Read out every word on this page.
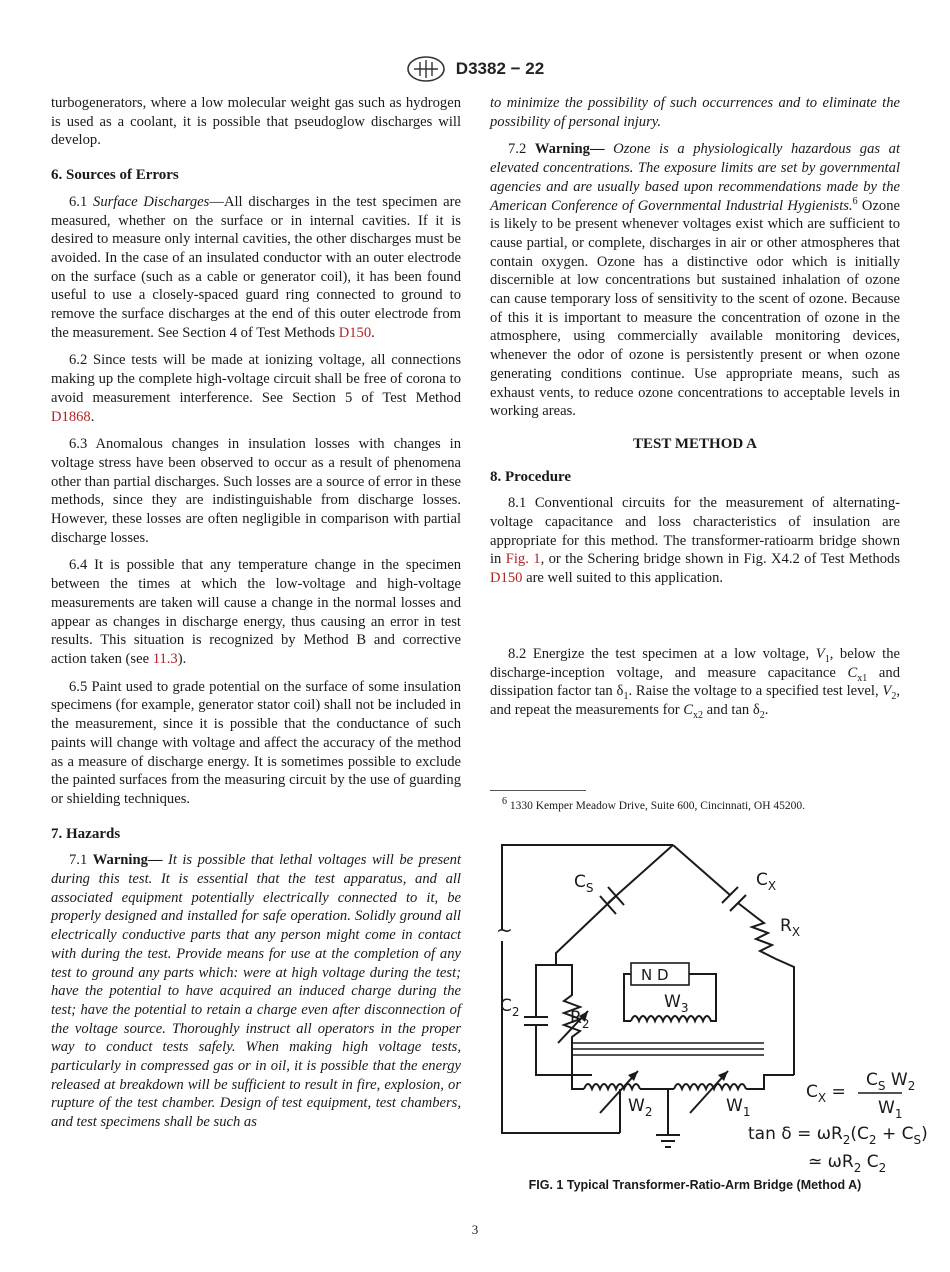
D3382 − 22

turbogenerators, where a low molecular weight gas such as hydrogen is used as a coolant, it is possible that pseudoglow discharges will develop.

6. Sources of Errors

6.1 Surface Discharges—All discharges in the test specimen are measured, whether on the surface or in internal cavities. If it is desired to measure only internal cavities, the other discharges must be avoided. In the case of an insulated conductor with an outer electrode on the surface (such as a cable or generator coil), it has been found useful to use a closely-spaced guard ring connected to ground to remove the surface discharges at the end of this outer electrode from the measurement. See Section 4 of Test Methods D150.

6.2 Since tests will be made at ionizing voltage, all connections making up the complete high-voltage circuit shall be free of corona to avoid measurement interference. See Section 5 of Test Method D1868.

6.3 Anomalous changes in insulation losses with changes in voltage stress have been observed to occur as a result of phenomena other than partial discharges. Such losses are a source of error in these methods, since they are indistinguishable from discharge losses. However, these losses are often negligible in comparison with partial discharge losses.

6.4 It is possible that any temperature change in the specimen between the times at which the low-voltage and high-voltage measurements are taken will cause a change in the normal losses and appear as changes in discharge energy, thus causing an error in test results. This situation is recognized by Method B and corrective action taken (see 11.3).

6.5 Paint used to grade potential on the surface of some insulation specimens (for example, generator stator coil) shall not be included in the measurement, since it is possible that the conductance of such paints will change with voltage and affect the accuracy of the method as a measure of discharge energy. It is sometimes possible to exclude the painted surfaces from the measuring circuit by the use of guarding or shielding techniques.

7. Hazards

7.1 Warning— It is possible that lethal voltages will be present during this test. It is essential that the test apparatus, and all associated equipment potentially electrically connected to it, be properly designed and installed for safe operation. Solidly ground all electrically conductive parts that any person might come in contact with during the test. Provide means for use at the completion of any test to ground any parts which: were at high voltage during the test; have the potential to have acquired an induced charge during the test; have the potential to retain a charge even after disconnection of the voltage source. Thoroughly instruct all operators in the proper way to conduct tests safely. When making high voltage tests, particularly in compressed gas or in oil, it is possible that the energy released at breakdown will be sufficient to result in fire, explosion, or rupture of the test chamber. Design of test equipment, test chambers, and test specimens shall be such as

to minimize the possibility of such occurrences and to eliminate the possibility of personal injury.

7.2 Warning— Ozone is a physiologically hazardous gas at elevated concentrations. The exposure limits are set by governmental agencies and are usually based upon recommendations made by the American Conference of Governmental Industrial Hygienists.$^6$ Ozone is likely to be present whenever voltages exist which are sufficient to cause partial, or complete, discharges in air or other atmospheres that contain oxygen. Ozone has a distinctive odor which is initially discernible at low concentrations but sustained inhalation of ozone can cause temporary loss of sensitivity to the scent of ozone. Because of this it is important to measure the concentration of ozone in the atmosphere, using commercially available monitoring devices, whenever the odor of ozone is persistently present or when ozone generating conditions continue. Use appropriate means, such as exhaust vents, to reduce ozone concentrations to acceptable levels in working areas.

TEST METHOD A
8. Procedure

8.1 Conventional circuits for the measurement of alternating-voltage capacitance and loss characteristics of insulation are appropriate for this method. The transformer-ratioarm bridge shown in Fig. 1, or the Schering bridge shown in Fig. X4.2 of Test Methods D150 are well suited to this application.

8.2 Energize the test specimen at a low voltage, $V_1$, below the discharge-inception voltage, and measure capacitance $C_{x1}$ and dissipation factor $\tan \delta_1$. Raise the voltage to a specified test level, $V_2$, and repeat the measurements for $C_{x2}$ and $\tan \delta_2$.

$^6$ 1330 Kemper Meadow Drive, Suite 600, Cincinnati, OH 45200.
$C_S$	$C_X$
$R_X$
~
$C_2$	$R_2$
N D
$W_3$
$W_2$	$W_1$
$C_X$ =
$C_S$ $W_2$
$W_1$
$\tan \delta = \omega R_2(C_2 + C_S)$
≃ $\omega R_2$ $C_2$
FIG. 1 Typical Transformer-Ratio-Arm Bridge (Method A)
3
